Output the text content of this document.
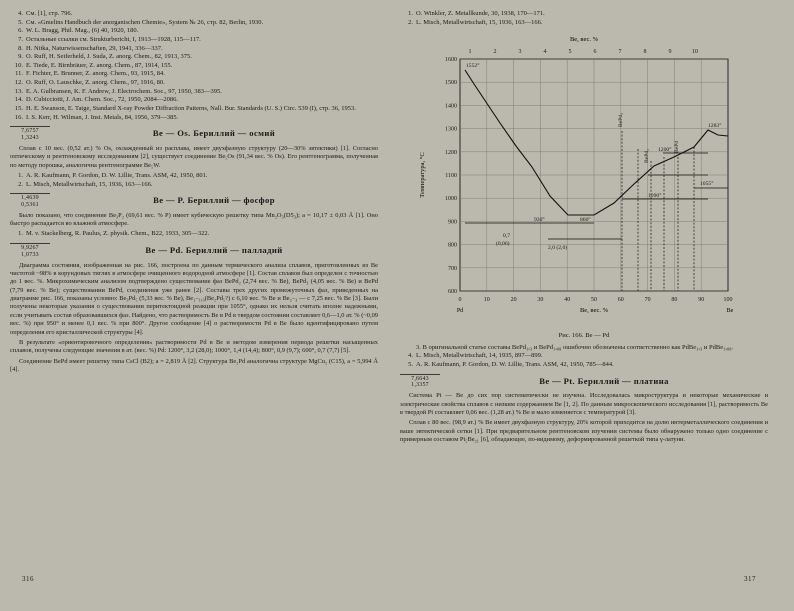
4. См. [1], стр. 796.
5. См. «Gmelins Handbuch der anorganischen Chemie», System № 26, стр. 82, Berlin, 1930.
6. W. L. Bragg, Phil. Mag., (6) 40, 1920, 180.
7. Остальные ссылки см. Strukturbericht, I, 1913—1928, 115—117.
8. H. Nitka, Naturwissenschaften, 29, 1941, 336—337.
9. O. Ruff, H. Seiferheld, J. Suda, Z. anorg. Chem., 82, 1913, 375.
10. E. Tiede, E. Birnbräuer, Z. anorg. Chem., 87, 1914, 155.
11. F. Fichter, E. Brunner, Z. anorg. Chem., 93, 1915, 84.
12. O. Ruff, O. Lauschke, Z. anorg. Chem., 97, 1916, 80.
13. E. A. Gulbransen, K. F. Andrew, J. Electrochem. Soc., 97, 1950, 383—395.
14. D. Cubicciotti, J. Am. Chem. Soc., 72, 1950, 2084—2086.
15. H. E. Swanson, E. Tatge, Standard X-ray Powder Diffraction Patterns, Nall. Bur. Standards (U. S.) Circ. 539 (I), стр. 36, 1953.
16. I. S. Kerr, H. Wilman, J. Inst. Metals, 84, 1956, 379—385.
7,6757
1,3243	Be — Os. Бериллий — осмий

Сплав с 10 вес. (0,52 ат.) % Os, охлажденный из расплава, имеет двухфазную структуру (20—30% эвтектики) [1]. Согласно оптическому и рентгеновскому исследованиям [2], существует соединение Be₅Os (91,34 вес. % Os). Его рентгенограмма, полученная по методу порошка, аналогична рентгенограмме Be₅W.

1. A. R. Kaufmann, P. Gordon, D. W. Lillie, Trans. ASM, 42, 1950, 801.
2. L. Misch, Metallwirtschaft, 15, 1936, 163—166.
1,4639
0,5361	Be — P. Бериллий — фосфор

Было показано, что соединение Be₃P₂ (69,61 вес. % P) имеет кубическую решетку типа Mn₂O₃(D5₃); a = 10,17 ± 0,03 Å [1]. Оно быстро распадается во влажной атмосфере.

1. M. v. Stackelberg, R. Paulus, Z. physik. Chem., B22, 1933, 305—322.
9,9267
1,0733	Be — Pd. Бериллий — палладий

Диаграмма состояния, изображенная на рис. 166, построена по данным термического анализа сплавов, приготовленных из Be чистотой ~98% в корундовых тиглях в атмосфере очищенного водородной атмосфере [1]. Состав сплавов был определен с точностью до 1 вес. %. Микрохимическим анализом подтверждено существование фаз BePd₂ (2,74 вес. % Be), BePd₃ (4,05 вес. % Be) и BePd (7,79 вес. % Be); существовании BePd, соединения уже ранее [2]. Составы трех других промежуточных фаз, приведенных на диаграмме рис. 166, показаны условно: Be₃Pd₅ (5,33 вес. % Be), Be₁₋₁,₃(Be₂Pd₅?) с 6,10 вес. % Be и Be₂₋₃ — с 7,25 вес. % Be [3]. Были получены некоторые указания о существовании перитектоидной реакции при 1055°, однако их нельзя считать вполне надежными, если учитывать состав образовавшихся фаз. Найдено, что растворимость Be в Pd в твердом состоянии составляет 0,6—1,0 ат. % (~0,09 вес. %) при 950° и менее 0,1 вес. % при 800°. Другое сообщение [4] о растворимости Pd в Be было идентифицировано путем определения его кристаллической структуры [4].

В результате «ориентировочного определения» растворимости Pd в Be и методом измерения периода решетки насыщенных сплавов, получены следующие значения в ат. (вес. %) Pd: 1200°, 3,2 (28,0); 1000°, 1,4 (14,4); 800°, 0,9 (9,7); 600°, 0,7 (7,7) [5].

Соединение BePd имеет решетку типа CsCl (B2); a = 2,819 Å [2]. Структура Be₂Pd аналогична структуре MgCu₂ (C15), a = 5,994 Å [4].

316
1. O. Winkler, Z. Metallkunde, 30, 1938, 170—171.
2. L. Misch, Metallwirtschaft, 15, 1936, 163—166.
Be, вес. %
1	2	3	4	5	6	7	8	9	10
1600
1500
1400
1300
1200
1100
1000
900
800
700
600
Температура, °C
0	10	20	30	40	50	60	70	80	90	100
Be, вес. %
Pd	Be
1552°
1283°
1055°
1090°
1200°
930°	860°
0,7
(0,06)
2,0 (2,0)
BePd₃
BePd₂
BePd
Рис. 166. Be — Pd
3. В оригинальной статье составы BePd₁,₃ и BePd₁,₀₈ ошибочно обозначены соответственно как PdBe₁,₃ и PdBe₁,₀₈.
4. L. Misch, Metallwirtschaft, 14, 1935, 897—899.
5. A. R. Kaufmann, P. Gordon, D. W. Lillie, Trans. ASM, 42, 1950, 785—844.
7,6643
1,3357	Be — Pt. Бериллий — платина

Система Pt — Be до сих пор систематически не изучена. Исследовалась микроструктура и некоторые механические и электрические свойства сплавов с низким содержанием Be [1, 2]. По данным микроскопического исследования [1], растворимость Be в твердой Pt составляет 0,06 вес. (1,28 ат.) % Be и мало изменяется с температурой [3].

Сплав с 80 вес. (98,9 ат.) % Be имеет двухфазную структуру, 20% которой приходится на долю интерметаллического соединения и ваше эвтектической сетки [1]. При предварительном рентгеновском изучении системы было обнаружено только одно соединение с примерным составом Pt₅Be₂₁ [6], обладающее, по-видимому, деформированной решеткой типа γ-латуни.

317
